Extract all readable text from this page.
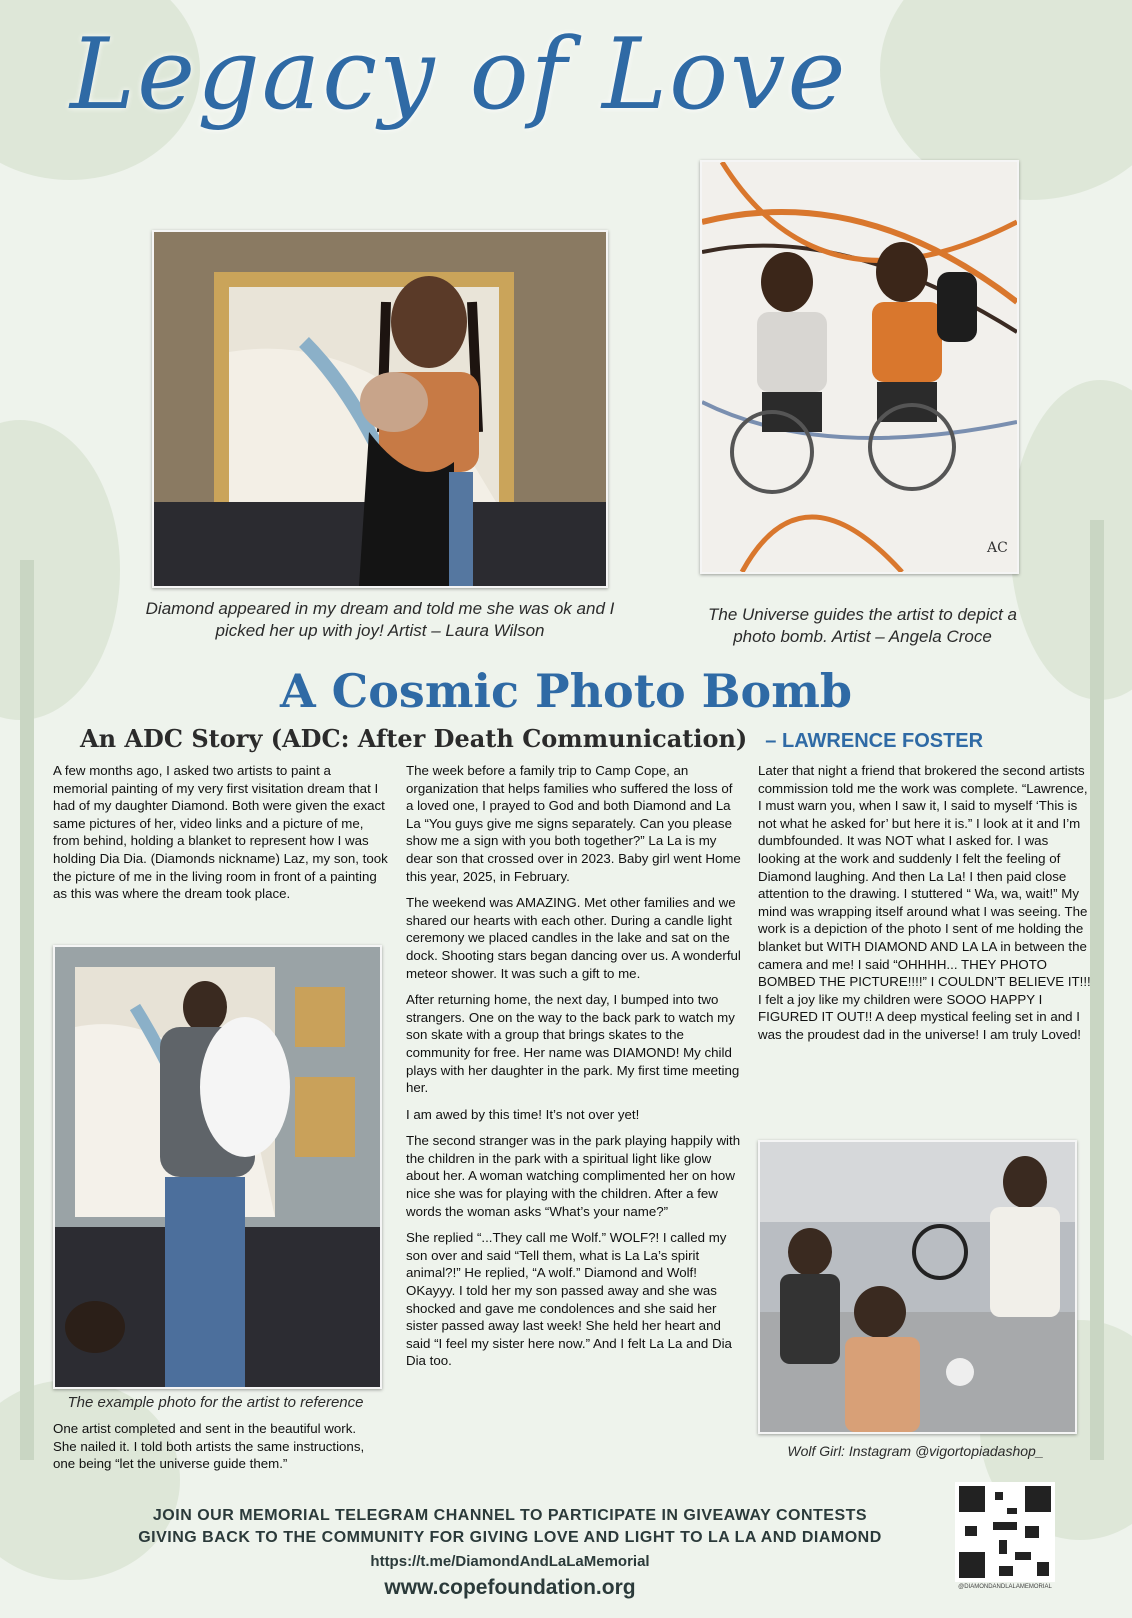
Legacy of Love
Diamond appeared in my dream and told me she was ok and I picked her up with joy! Artist – Laura Wilson
AC
The Universe guides the artist to depict a photo bomb. Artist – Angela Croce
A Cosmic Photo Bomb
An ADC Story (ADC: After Death Communication) – LAWRENCE FOSTER

A few months ago, I asked two artists to paint a memorial painting of my very first visitation dream that I had of my daughter Diamond. Both were given the exact same pictures of her, video links and a picture of me, from behind, holding a blanket to represent how I was holding Dia Dia. (Diamonds nickname) Laz, my son, took the picture of me in the living room in front of a painting as this was where the dream took place.

The example photo for the artist to reference

One artist completed and sent in the beautiful work. She nailed it. I told both artists the same instructions, one being “let the universe guide them.”

The week before a family trip to Camp Cope, an organization that helps families who suffered the loss of a loved one, I prayed to God and both Diamond and La La “You guys give me signs separately. Can you please show me a sign with you both together?” La La is my dear son that crossed over in 2023. Baby girl went Home this year, 2025, in February.

The weekend was AMAZING. Met other families and we shared our hearts with each other. During a candle light ceremony we placed candles in the lake and sat on the dock. Shooting stars began dancing over us. A wonderful meteor shower. It was such a gift to me.

After returning home, the next day, I bumped into two strangers. One on the way to the back park to watch my son skate with a group that brings skates to the community for free. Her name was DIAMOND! My child plays with her daughter in the park. My first time meeting her.

I am awed by this time! It’s not over yet!

The second stranger was in the park playing happily with the children in the park with a spiritual light like glow about her. A woman watching complimented her on how nice she was for playing with the children. After a few words the woman asks “What’s your name?”

She replied “...They call me Wolf.” WOLF?! I called my son over and said “Tell them, what is La La’s spirit animal?!” He replied, “A wolf.” Diamond and Wolf! OKayyy. I told her my son passed away and she was shocked and gave me condolences and she said her sister passed away last week! She held her heart and said “I feel my sister here now.” And I felt La La and Dia Dia too.

Later that night a friend that brokered the second artists commission told me the work was complete. “Lawrence, I must warn you, when I saw it, I said to myself ‘This is not what he asked for’ but here it is.” I look at it and I’m dumbfounded. It was NOT what I asked for. I was looking at the work and suddenly I felt the feeling of Diamond laughing. And then La La! I then paid close attention to the drawing. I stuttered “ Wa, wa, wait!” My mind was wrapping itself around what I was seeing. The work is a depiction of the photo I sent of me holding the blanket but WITH DIAMOND AND LA LA in between the camera and me! I said “OHHHH... THEY PHOTO BOMBED THE PICTURE!!!!” I COULDN’T BELIEVE IT!!! I felt a joy like my children were SOOO HAPPY I FIGURED IT OUT!! A deep mystical feeling set in and I was the proudest dad in the universe! I am truly Loved!

Wolf Girl: Instagram @vigortopiadashop_
JOIN OUR MEMORIAL TELEGRAM CHANNEL TO PARTICIPATE IN GIVEAWAY CONTESTS
GIVING BACK TO THE COMMUNITY FOR GIVING LOVE AND LIGHT TO LA LA AND DIAMOND
https://t.me/DiamondAndLaLaMemorial
www.copefoundation.org	@DIAMONDANDLALAMEMORIAL
